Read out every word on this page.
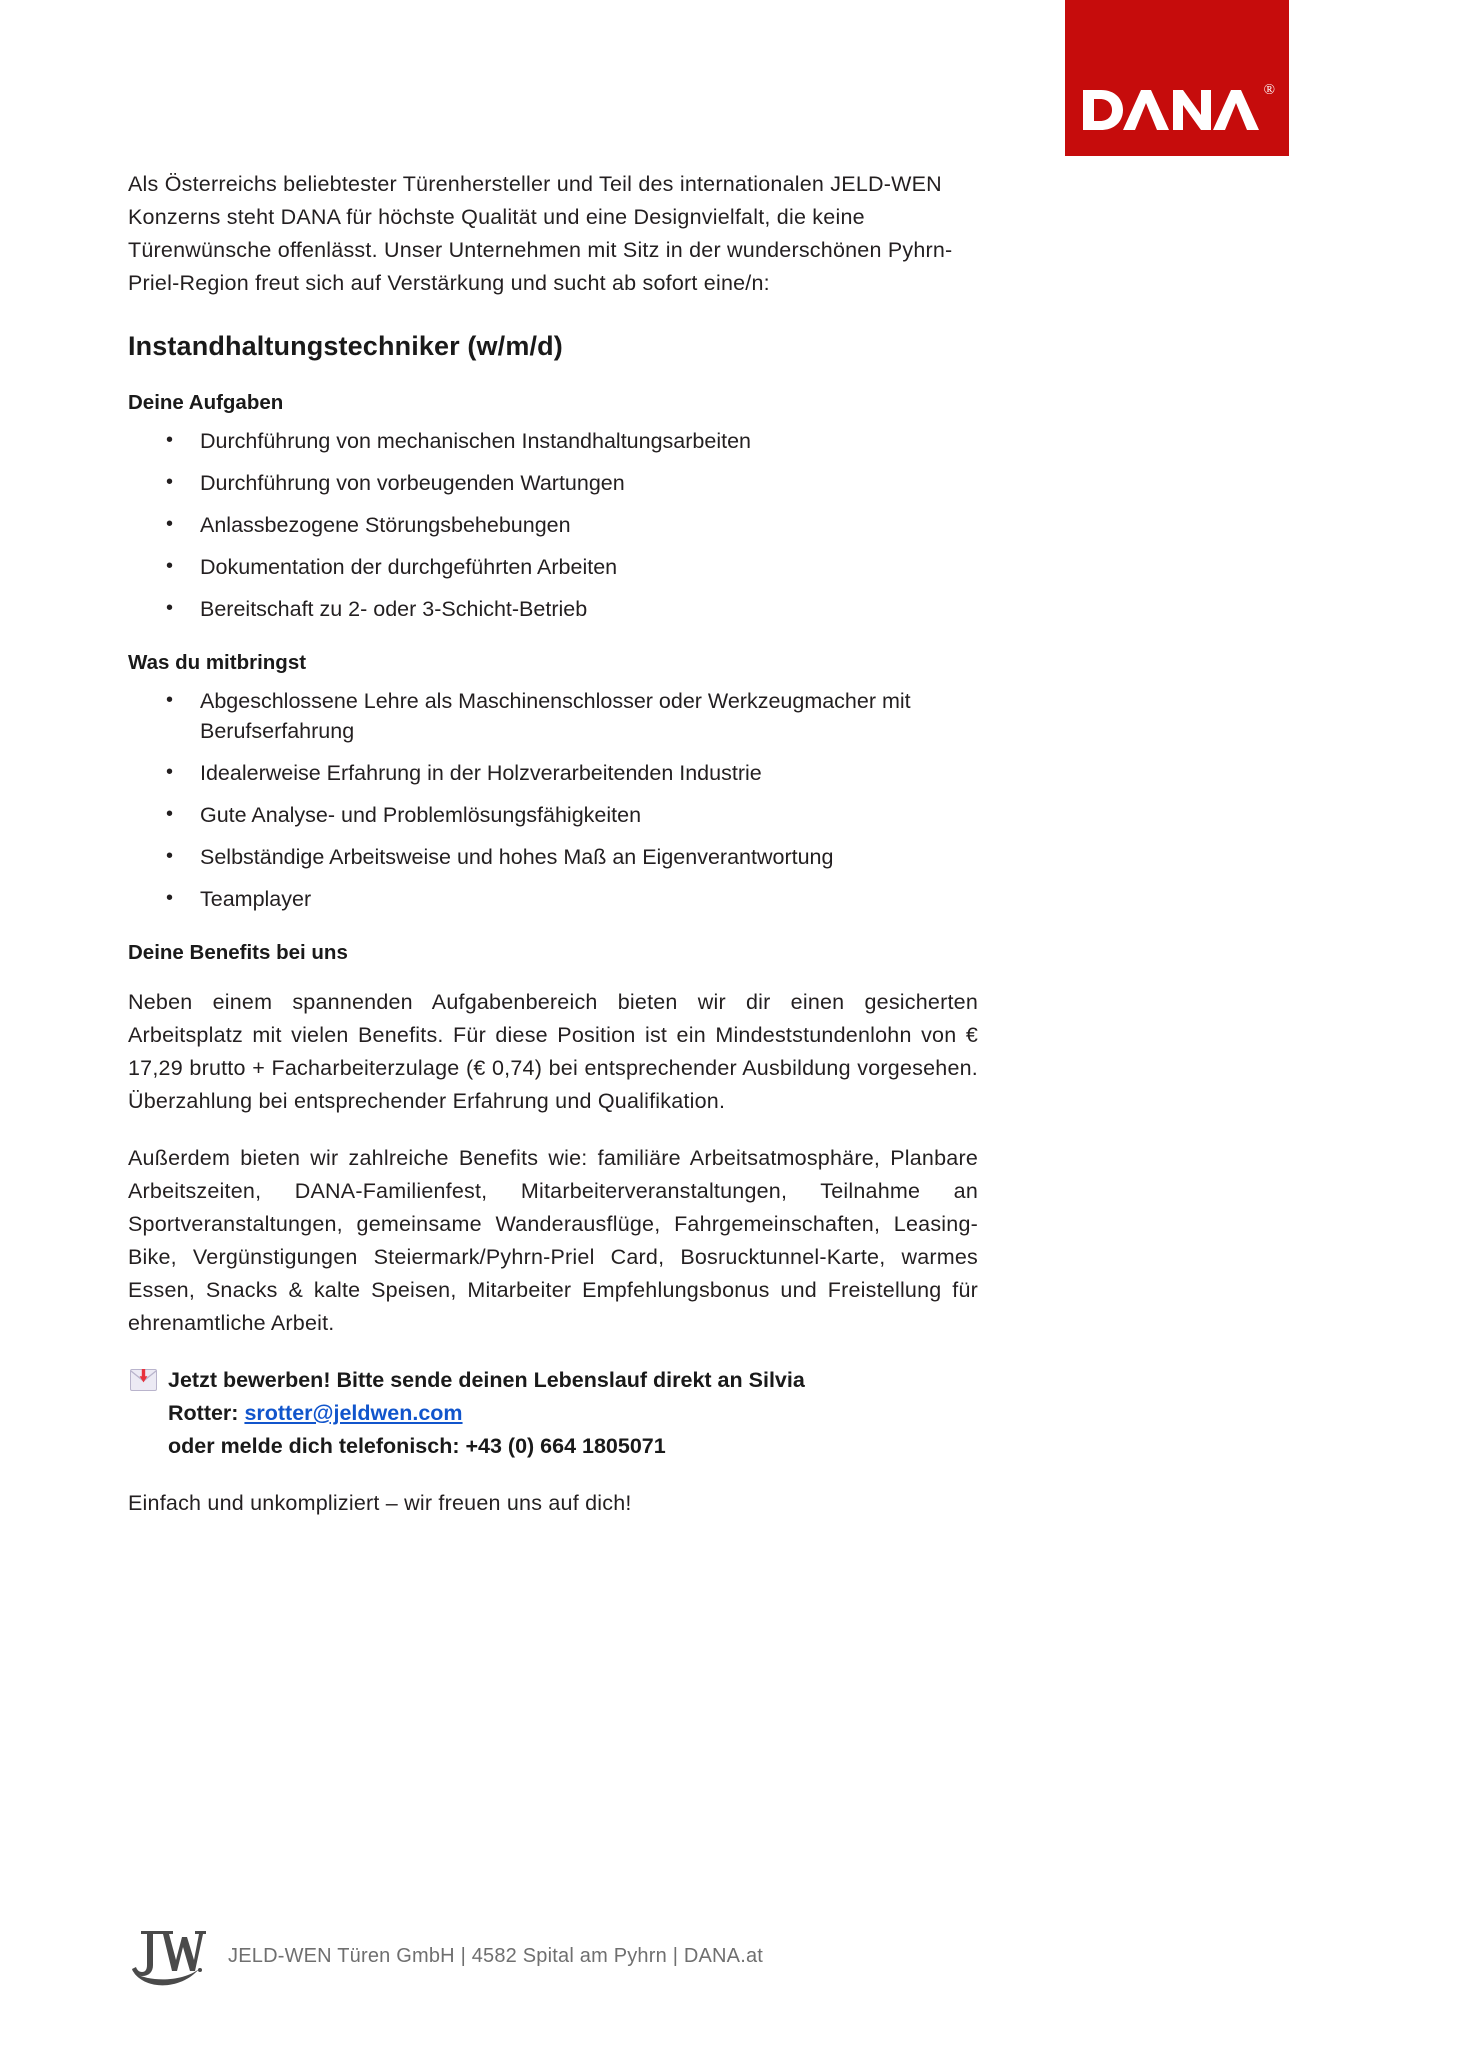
®

Als Österreichs beliebtester Türenhersteller und Teil des internationalen JELD-WEN Konzerns steht DANA für höchste Qualität und eine Designvielfalt, die keine Türenwünsche offenlässt. Unser Unternehmen mit Sitz in der wunderschönen Pyhrn-Priel-Region freut sich auf Verstärkung und sucht ab sofort eine/n:

Instandhaltungstechniker (w/m/d)
Deine Aufgaben
• Durchführung von mechanischen Instandhaltungsarbeiten
• Durchführung von vorbeugenden Wartungen
• Anlassbezogene Störungsbehebungen
• Dokumentation der durchgeführten Arbeiten
• Bereitschaft zu 2- oder 3-Schicht-Betrieb
Was du mitbringst
• Abgeschlossene Lehre als Maschinenschlosser oder Werkzeugmacher mit Berufserfahrung
• Idealerweise Erfahrung in der Holzverarbeitenden Industrie
• Gute Analyse- und Problemlösungsfähigkeiten
• Selbständige Arbeitsweise und hohes Maß an Eigenverantwortung
• Teamplayer
Deine Benefits bei uns

Neben einem spannenden Aufgabenbereich bieten wir dir einen gesicherten Arbeitsplatz mit vielen Benefits. Für diese Position ist ein Mindeststundenlohn von € 17,29 brutto + Facharbeiterzulage (€ 0,74) bei entsprechender Ausbildung vorgesehen. Überzahlung bei entsprechender Erfahrung und Qualifikation.

Außerdem bieten wir zahlreiche Benefits wie: familiäre Arbeitsatmosphäre, Planbare Arbeitszeiten, DANA-Familienfest, Mitarbeiterveranstaltungen, Teilnahme an Sportveranstaltungen, gemeinsame Wanderausflüge, Fahrgemeinschaften, Leasing-Bike, Vergünstigungen Steiermark/Pyhrn-Priel Card, Bosrucktunnel-Karte, warmes Essen, Snacks & kalte Speisen, Mitarbeiter Empfehlungsbonus und Freistellung für ehrenamtliche Arbeit.

Jetzt bewerben! Bitte sende deinen Lebenslauf direkt an Silvia Rotter: srotter@jeldwen.com
oder melde dich telefonisch: +43 (0) 664 1805071

Einfach und unkompliziert – wir freuen uns auf dich!

JELD-WEN Türen GmbH | 4582 Spital am Pyhrn | DANA.at
